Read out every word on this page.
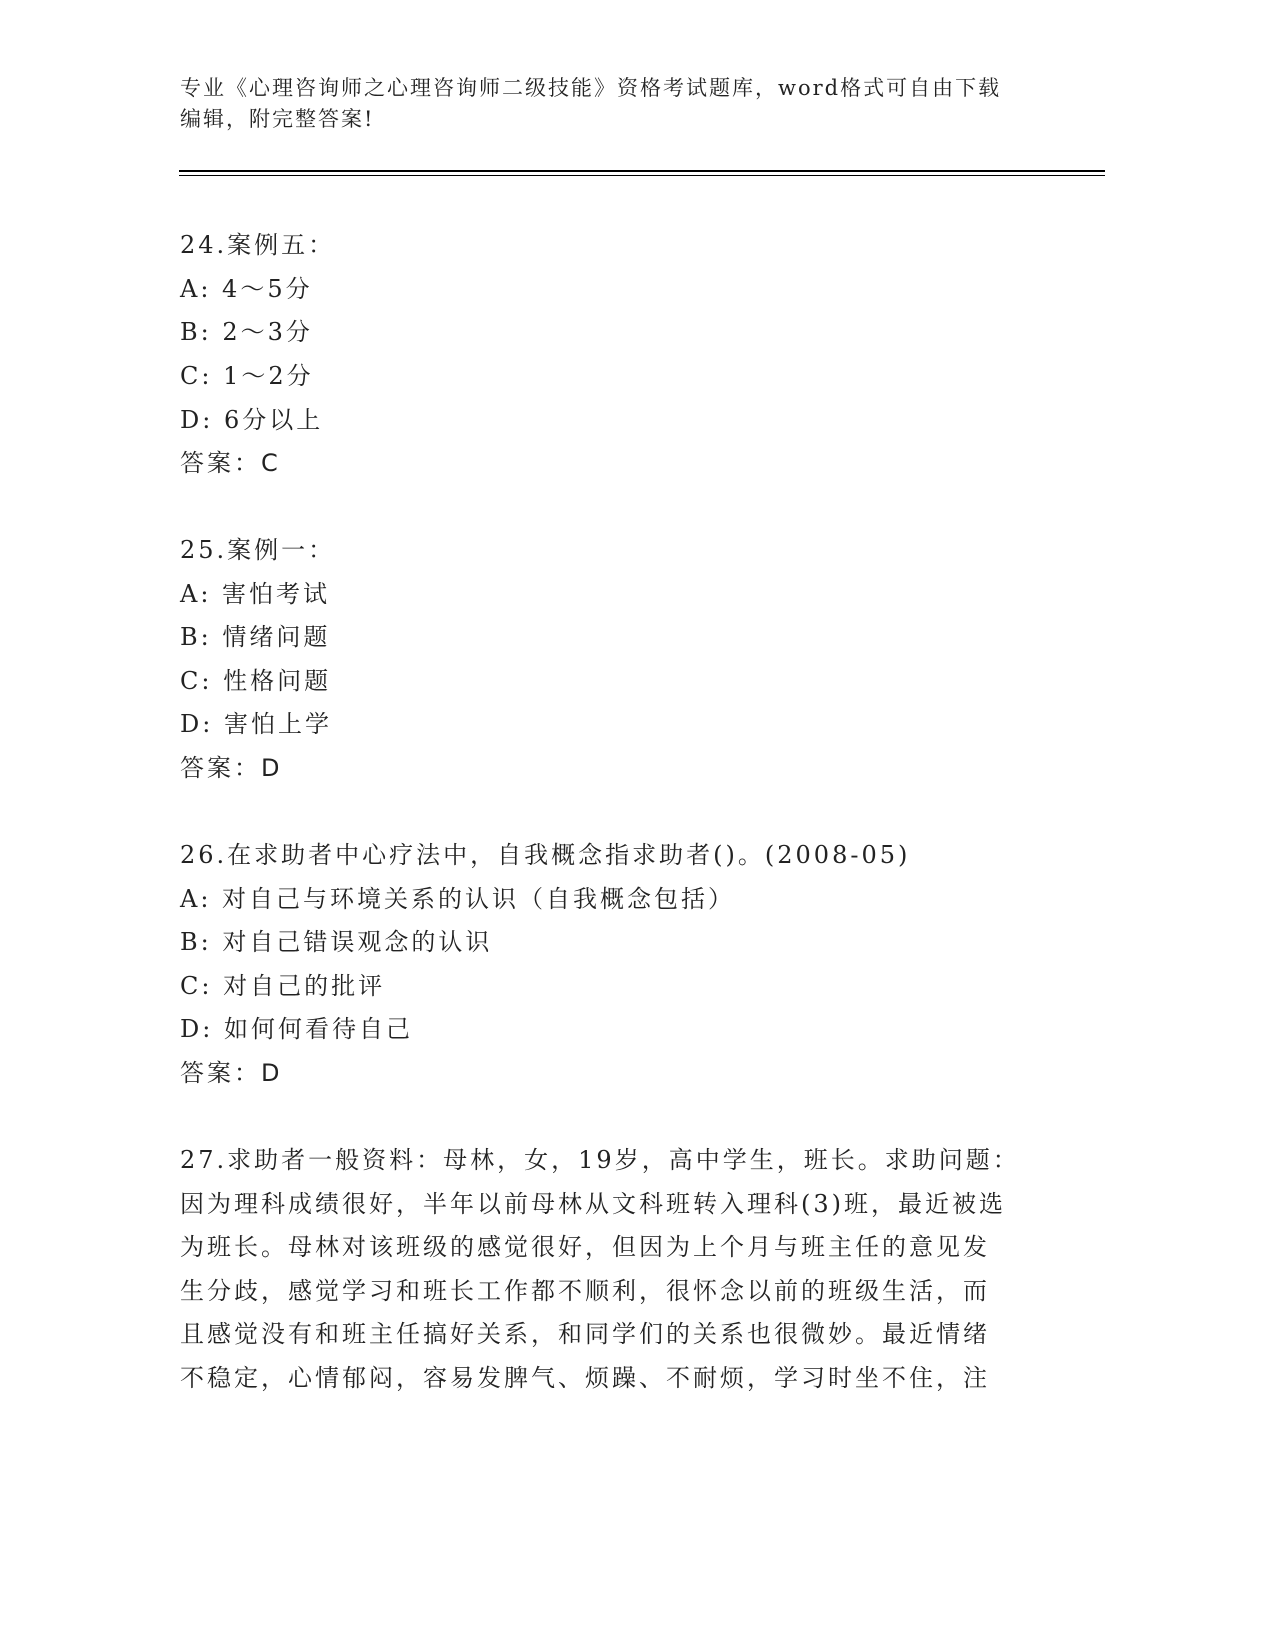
专业《心理咨询师之心理咨询师二级技能》资格考试题库，word格式可自由下载
编辑，附完整答案!
24.案例五：
A: 4～5分
B: 2～3分
C: 1～2分
D: 6分以上
答案：C
25.案例一：
A: 害怕考试
B: 情绪问题
C: 性格问题
D: 害怕上学
答案：D
26.在求助者中心疗法中，自我概念指求助者()。(2008-05)
A: 对自己与环境关系的认识（自我概念包括）
B: 对自己错误观念的认识
C: 对自己的批评
D: 如何何看待自己
答案：D
27.求助者一般资料：母林，女，19岁，高中学生，班长。求助问题：
因为理科成绩很好，半年以前母林从文科班转入理科(3)班，最近被选
为班长。母林对该班级的感觉很好，但因为上个月与班主任的意见发
生分歧，感觉学习和班长工作都不顺利，很怀念以前的班级生活，而
且感觉没有和班主任搞好关系，和同学们的关系也很微妙。最近情绪
不稳定，心情郁闷，容易发脾气、烦躁、不耐烦，学习时坐不住，注
